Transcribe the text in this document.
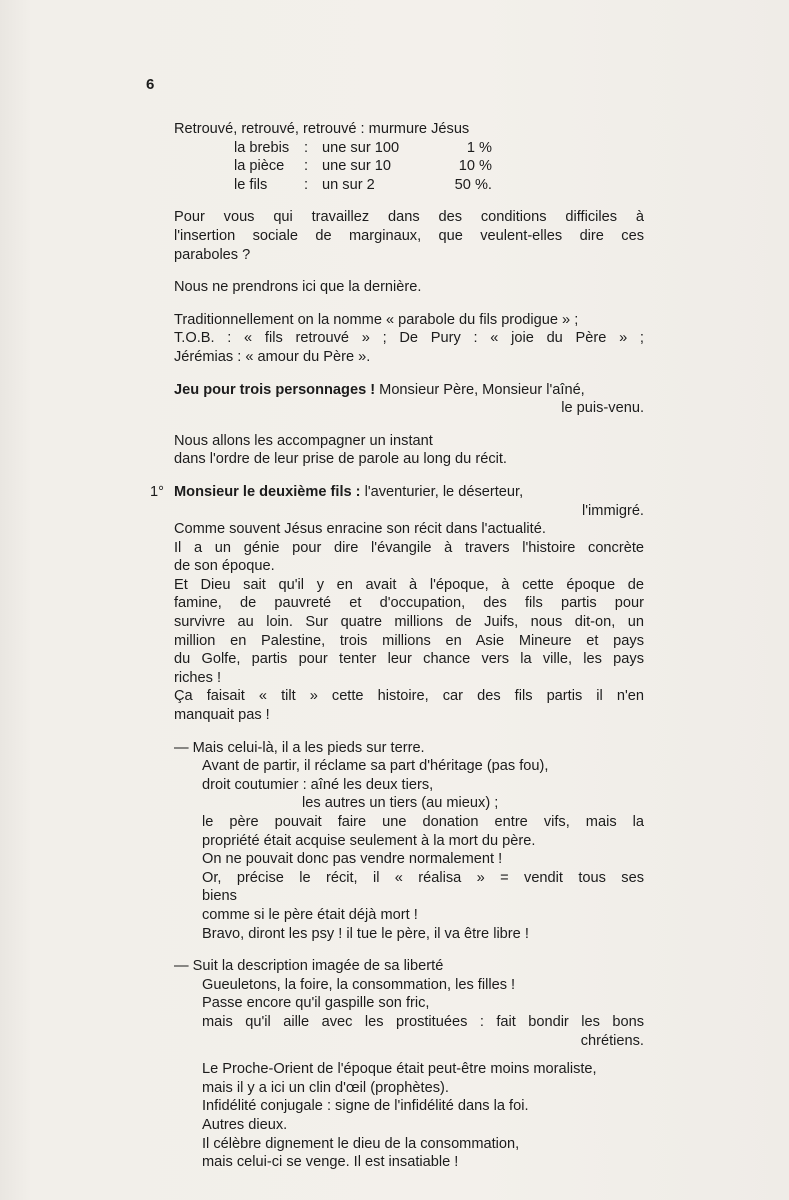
6
Retrouvé, retrouvé, retrouvé : murmure Jésus
la brebis	: une sur 100	1 %
la pièce	: une sur 10	10 %
le fils	: un sur 2	50 %.
Pour vous qui travaillez dans des conditions difficiles à
l'insertion sociale de marginaux, que veulent-elles dire ces
paraboles ?
Nous ne prendrons ici que la dernière.
Traditionnellement on la nomme « parabole du fils prodigue » ;
T.O.B. : « fils retrouvé » ; De Pury : « joie du Père » ;
Jérémias : « amour du Père ».
Jeu pour trois personnages ! Monsieur Père, Monsieur l'aîné,
le puis-venu.
Nous allons les accompagner un instant
dans l'ordre de leur prise de parole au long du récit.
1° Monsieur le deuxième fils : l'aventurier, le déserteur,
l'immigré.
Comme souvent Jésus enracine son récit dans l'actualité.
Il a un génie pour dire l'évangile à travers l'histoire concrète
de son époque.
Et Dieu sait qu'il y en avait à l'époque, à cette époque de
famine, de pauvreté et d'occupation, des fils partis pour
survivre au loin. Sur quatre millions de Juifs, nous dit-on, un
million en Palestine, trois millions en Asie Mineure et pays
du Golfe, partis pour tenter leur chance vers la ville, les pays
riches !
Ça faisait « tilt » cette histoire, car des fils partis il n'en
manquait pas !
— Mais celui-là, il a les pieds sur terre.
Avant de partir, il réclame sa part d'héritage (pas fou),
droit coutumier : aîné les deux tiers,
les autres un tiers (au mieux) ;
le père pouvait faire une donation entre vifs, mais la
propriété était acquise seulement à la mort du père.
On ne pouvait donc pas vendre normalement !
Or, précise le récit, il « réalisa » = vendit tous ses
biens
comme si le père était déjà mort !
Bravo, diront les psy ! il tue le père, il va être libre !
— Suit la description imagée de sa liberté
Gueuletons, la foire, la consommation, les filles !
Passe encore qu'il gaspille son fric,
mais qu'il aille avec les prostituées : fait bondir les bons
chrétiens.
Le Proche-Orient de l'époque était peut-être moins moraliste,
mais il y a ici un clin d'œil (prophètes).
Infidélité conjugale : signe de l'infidélité dans la foi.
Autres dieux.
Il célèbre dignement le dieu de la consommation,
mais celui-ci se venge. Il est insatiable !
